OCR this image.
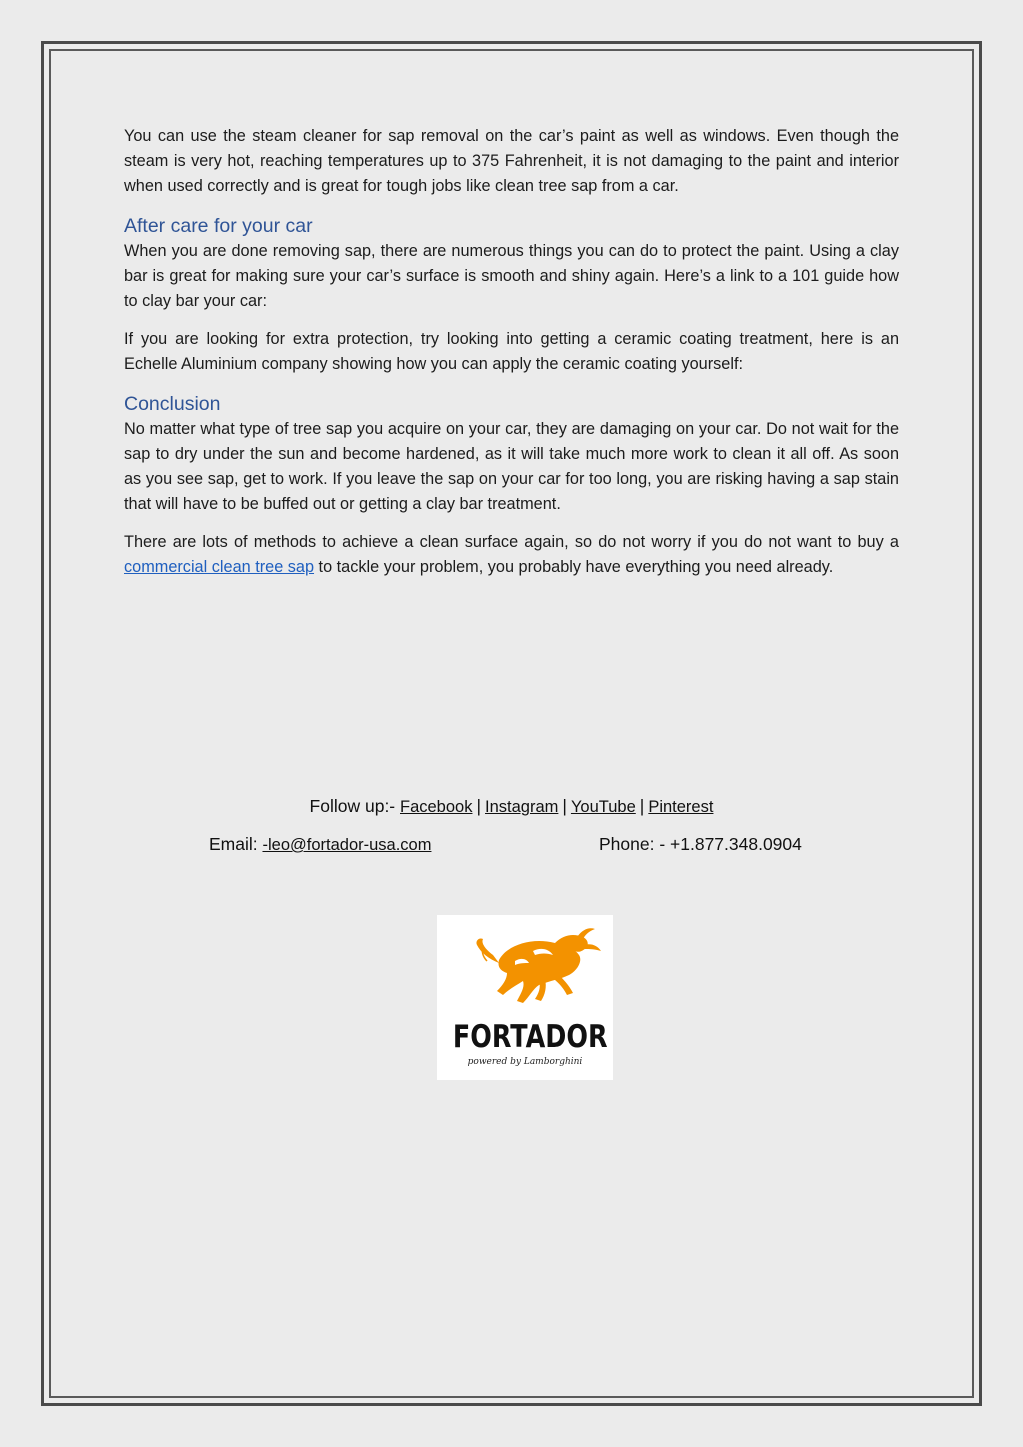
You can use the steam cleaner for sap removal on the car’s paint as well as windows. Even though the steam is very hot, reaching temperatures up to 375 Fahrenheit, it is not damaging to the paint and interior when used correctly and is great for tough jobs like clean tree sap from a car.

After care for your car

When you are done removing sap, there are numerous things you can do to protect the paint. Using a clay bar is great for making sure your car’s surface is smooth and shiny again. Here’s a link to a 101 guide how to clay bar your car:

If you are looking for extra protection, try looking into getting a ceramic coating treatment, here is an Echelle Aluminium company showing how you can apply the ceramic coating yourself:

Conclusion

No matter what type of tree sap you acquire on your car, they are damaging on your car. Do not wait for the sap to dry under the sun and become hardened, as it will take much more work to clean it all off. As soon as you see sap, get to work. If you leave the sap on your car for too long, you are risking having a sap stain that will have to be buffed out or getting a clay bar treatment.

There are lots of methods to achieve a clean surface again, so do not worry if you do not want to buy a commercial clean tree sap to tackle your problem, you probably have everything you need already.

Follow up:- Facebook | Instagram | YouTube | Pinterest
Email: -leo@fortador-usa.com	Phone: - +1.877.348.0904
FORTADOR
powered by Lamborghini
